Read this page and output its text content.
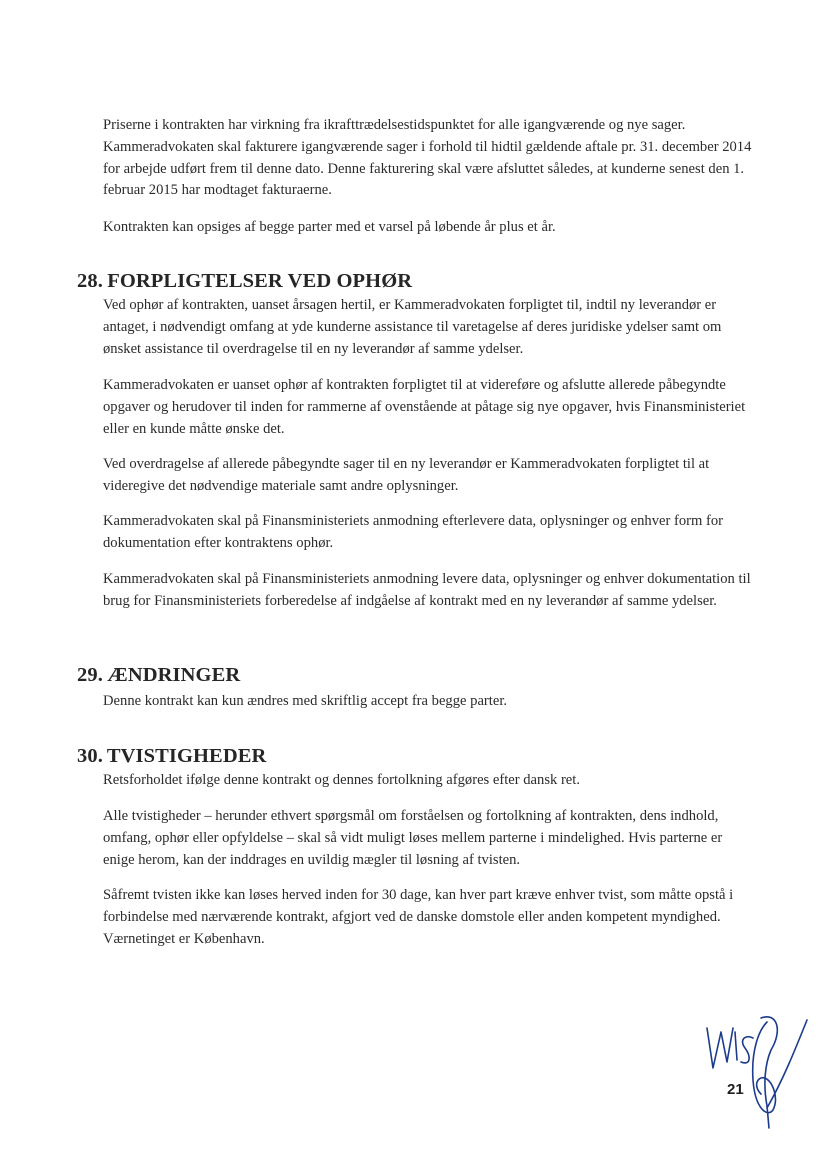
Priserne i kontrakten har virkning fra ikrafttrædelsestidspunktet for alle igangværende og nye sager. Kammeradvokaten skal fakturere igangværende sager i forhold til hidtil gældende aftale pr. 31. december 2014 for arbejde udført frem til denne dato. Denne fakturering skal være afsluttet således, at kunderne senest den 1. februar 2015 har modtaget fakturaerne.

Kontrakten kan opsiges af begge parter med et varsel på løbende år plus et år.

28. FORPLIGTELSER VED OPHØR

Ved ophør af kontrakten, uanset årsagen hertil, er Kammeradvokaten forpligtet til, indtil ny leverandør er antaget, i nødvendigt omfang at yde kunderne assistance til varetagelse af deres juridiske ydelser samt om ønsket assistance til overdragelse til en ny leverandør af samme ydelser.

Kammeradvokaten er uanset ophør af kontrakten forpligtet til at videreføre og afslutte allerede påbegyndte opgaver og herudover til inden for rammerne af ovenstående at påtage sig nye opgaver, hvis Finansministeriet eller en kunde måtte ønske det.

Ved overdragelse af allerede påbegyndte sager til en ny leverandør er Kammeradvokaten forpligtet til at videregive det nødvendige materiale samt andre oplysninger.

Kammeradvokaten skal på Finansministeriets anmodning efterlevere data, oplysninger og enhver form for dokumentation efter kontraktens ophør.

Kammeradvokaten skal på Finansministeriets anmodning levere data, oplysninger og enhver dokumentation til brug for Finansministeriets forberedelse af indgåelse af kontrakt med en ny leverandør af samme ydelser.

29. ÆNDRINGER

Denne kontrakt kan kun ændres med skriftlig accept fra begge parter.

30. TVISTIGHEDER

Retsforholdet ifølge denne kontrakt og dennes fortolkning afgøres efter dansk ret.

Alle tvistigheder – herunder ethvert spørgsmål om forståelsen og fortolkning af kontrakten, dens indhold, omfang, ophør eller opfyldelse – skal så vidt muligt løses mellem parterne i mindelighed. Hvis parterne er enige herom, kan der inddrages en uvildig mægler til løsning af tvisten.

Såfremt tvisten ikke kan løses herved inden for 30 dage, kan hver part kræve enhver tvist, som måtte opstå i forbindelse med nærværende kontrakt, afgjort ved de danske domstole eller anden kompetent myndighed. Værnetinget er København.

21
